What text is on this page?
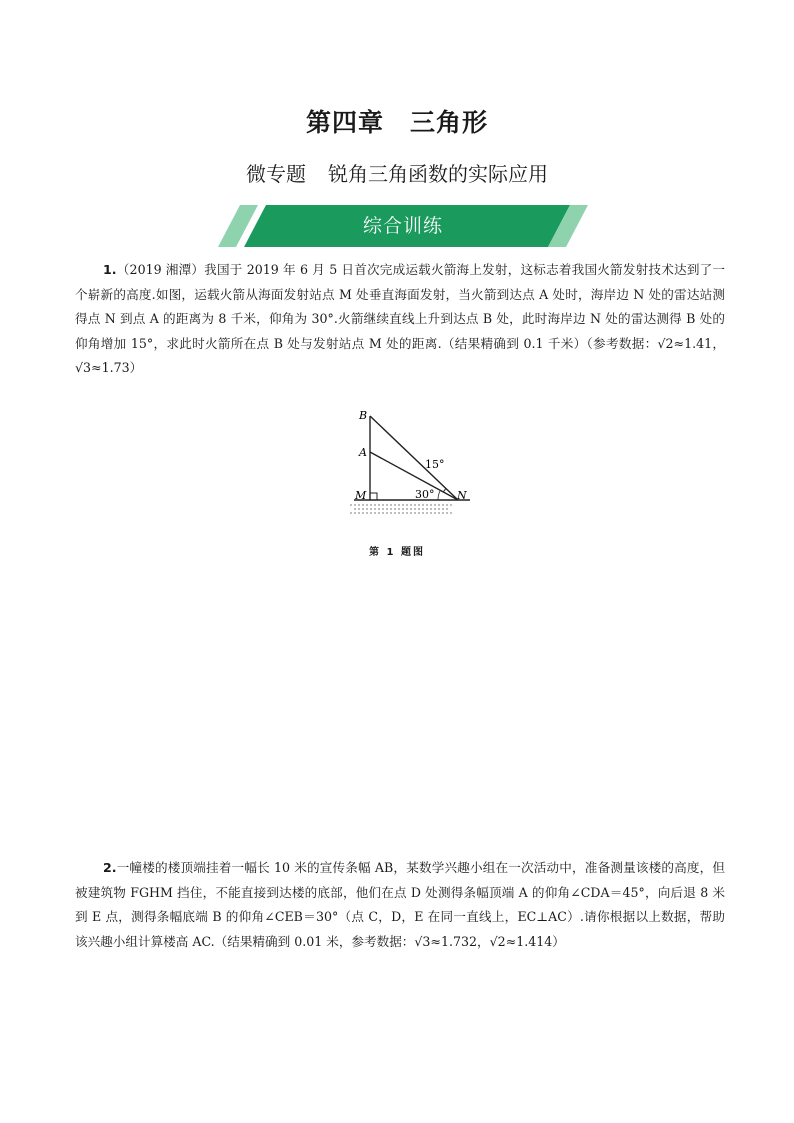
第四章 三角形
微专题 锐角三角函数的实际应用
综合训练
1.（2019 湘潭）我国于 2019 年 6 月 5 日首次完成运载火箭海上发射，这标志着我国火箭发射技术达到了一个崭新的高度.如图，运载火箭从海面发射站点 M 处垂直海面发射，当火箭到达点 A 处时，海岸边 N 处的雷达站测得点 N 到点 A 的距离为 8 千米，仰角为 30°.火箭继续直线上升到达点 B 处，此时海岸边 N 处的雷达测得 B 处的仰角增加 15°，求此时火箭所在点 B 处与发射站点 M 处的距离.（结果精确到 0.1 千米）（参考数据：√2≈1.41，√3≈1.73）
B
A
M	N
15°
30°
第 1 题图
2.一幢楼的楼顶端挂着一幅长 10 米的宣传条幅 AB，某数学兴趣小组在一次活动中，准备测量该楼的高度，但被建筑物 FGHM 挡住，不能直接到达楼的底部，他们在点 D 处测得条幅顶端 A 的仰角∠CDA＝45°，向后退 8 米到 E 点，测得条幅底端 B 的仰角∠CEB＝30°（点 C，D，E 在同一直线上，EC⊥AC）.请你根据以上数据，帮助该兴趣小组计算楼高 AC.（结果精确到 0.01 米，参考数据：√3≈1.732，√2≈1.414）
